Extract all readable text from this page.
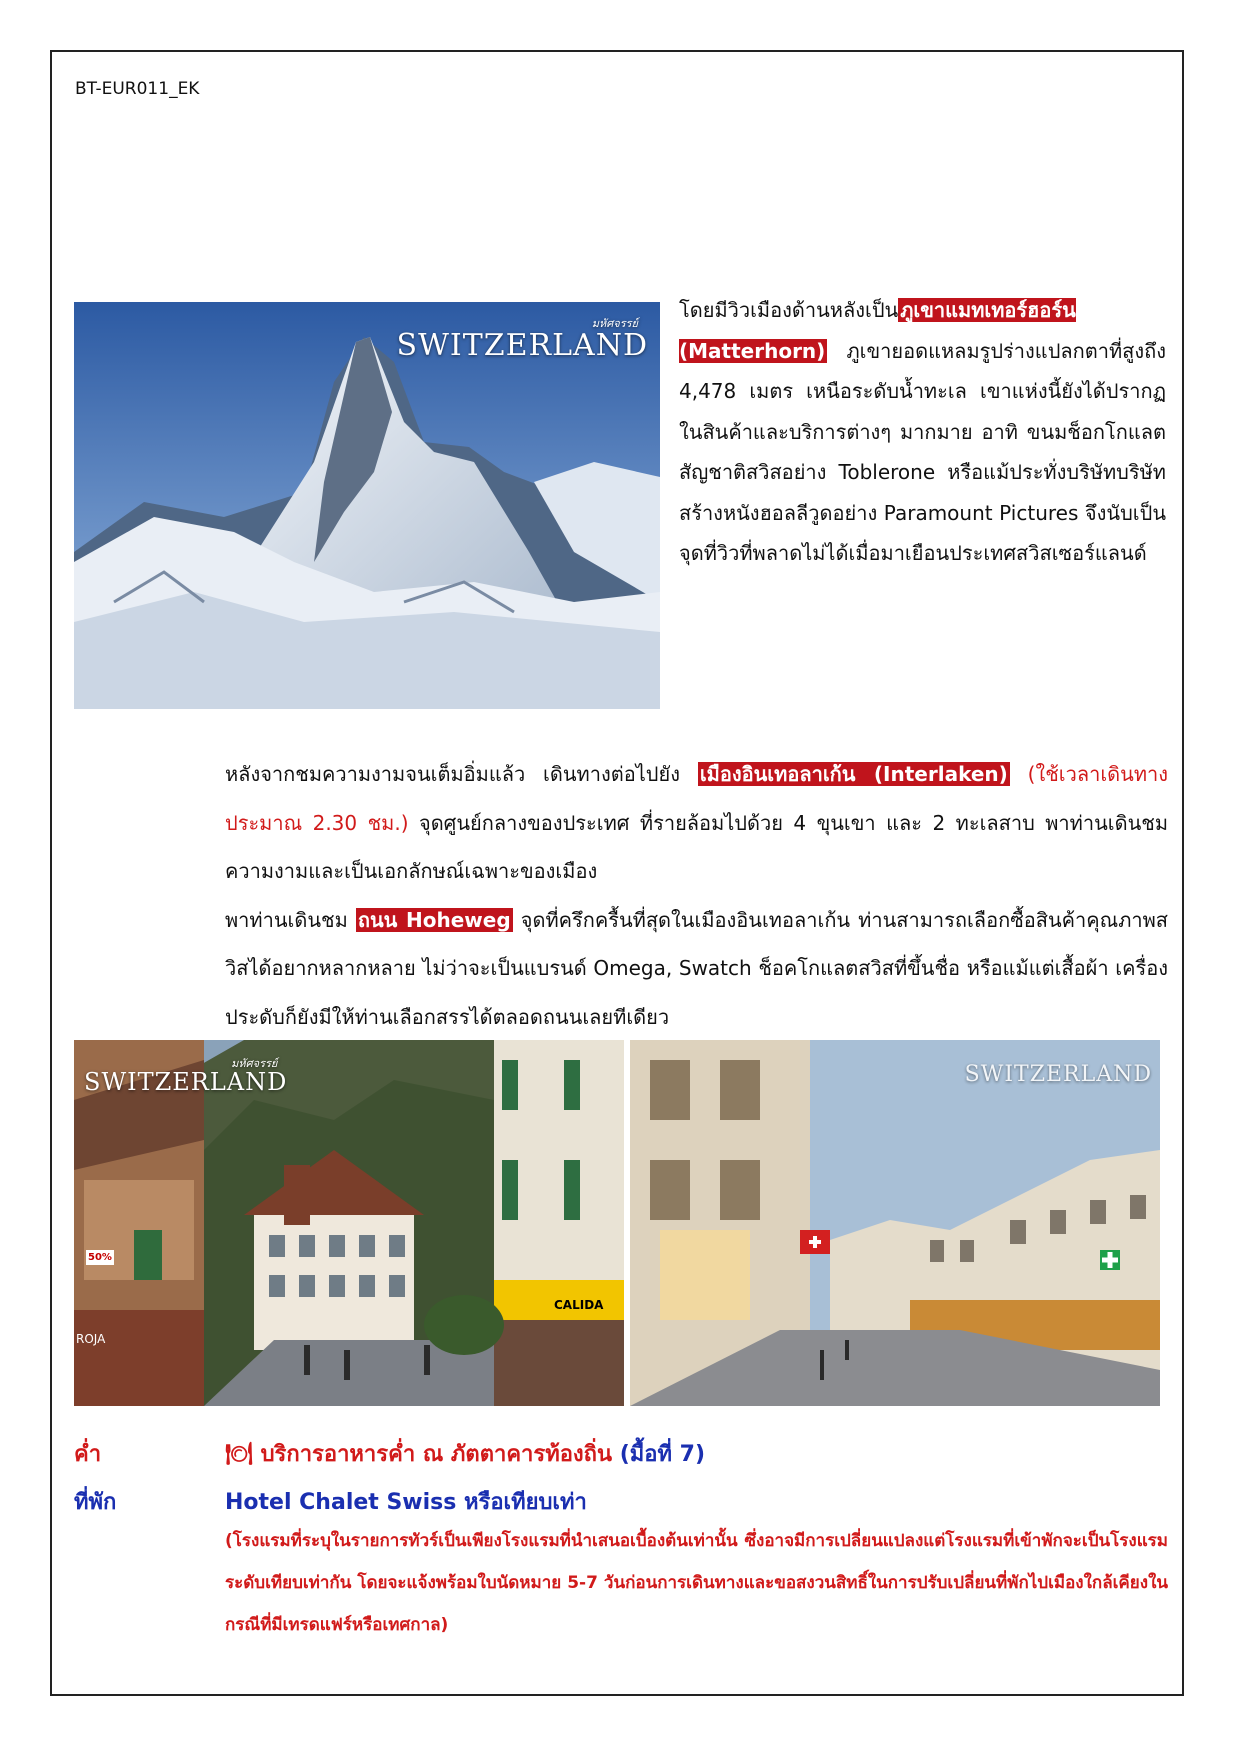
BT-EUR011_EK
มหัศจรรย์
SWITZERLAND
โดยมีวิวเมืองด้านหลังเป็น ภูเขาแมทเทอร์ฮอร์น (Matterhorn) ภูเขายอดแหลมรูปร่างแปลกตาที่สูงถึง 4,478 เมตร เหนือระดับน้ำทะเล เขาแห่งนี้ยังได้ปรากฏในสินค้าและบริการต่างๆ มากมาย อาทิ ขนมช็อกโกแลตสัญชาติสวิสอย่าง Toblerone หรือแม้ประทั่งบริษัทบริษัทสร้างหนังฮอลลีวูดอย่าง Paramount Pictures จึงนับเป็นจุดที่วิวที่พลาดไม่ได้เมื่อมาเยือนประเทศสวิสเซอร์แลนด์
หลังจากชมความงามจนเต็มอิ่มแล้ว เดินทางต่อไปยัง เมืองอินเทอลาเก้น (Interlaken) (ใช้เวลาเดินทางประมาณ 2.30 ชม.) จุดศูนย์กลางของประเทศ ที่รายล้อมไปด้วย 4 ขุนเขา และ 2 ทะเลสาบ พาท่านเดินชม ความงามและเป็นเอกลักษณ์เฉพาะของเมือง
พาท่านเดินชม ถนน Hoheweg จุดที่ครึกครื้นที่สุดในเมืองอินเทอลาเก้น ท่านสามารถเลือกซื้อสินค้าคุณภาพสวิสได้อยากหลากหลาย ไม่ว่าจะเป็นแบรนด์ Omega, Swatch ช็อคโกแลตสวิสที่ขึ้นชื่อ หรือแม้แต่เสื้อผ้า เครื่องประดับก็ยังมีให้ท่านเลือกสรรได้ตลอดถนนเลยทีเดียว
50%
ROJA
CALIDA
มหัศจรรย์
SWITZERLAND	SWITZERLAND
ค่ำ	🍽 บริการอาหารค่ำ ณ ภัตตาคารท้องถิ่น (มื้อที่ 7)
ที่พัก	Hotel Chalet Swiss หรือเทียบเท่า
(โรงแรมที่ระบุในรายการทัวร์เป็นเพียงโรงแรมที่นำเสนอเบื้องต้นเท่านั้น ซึ่งอาจมีการเปลี่ยนแปลงแต่โรงแรมที่เข้าพักจะเป็นโรงแรมระดับเทียบเท่ากัน โดยจะแจ้งพร้อมใบนัดหมาย 5-7 วันก่อนการเดินทางและขอสงวนสิทธิ์ในการปรับเปลี่ยนที่พักไปเมืองใกล้เคียงในกรณีที่มีเทรดแฟร์หรือเทศกาล)
